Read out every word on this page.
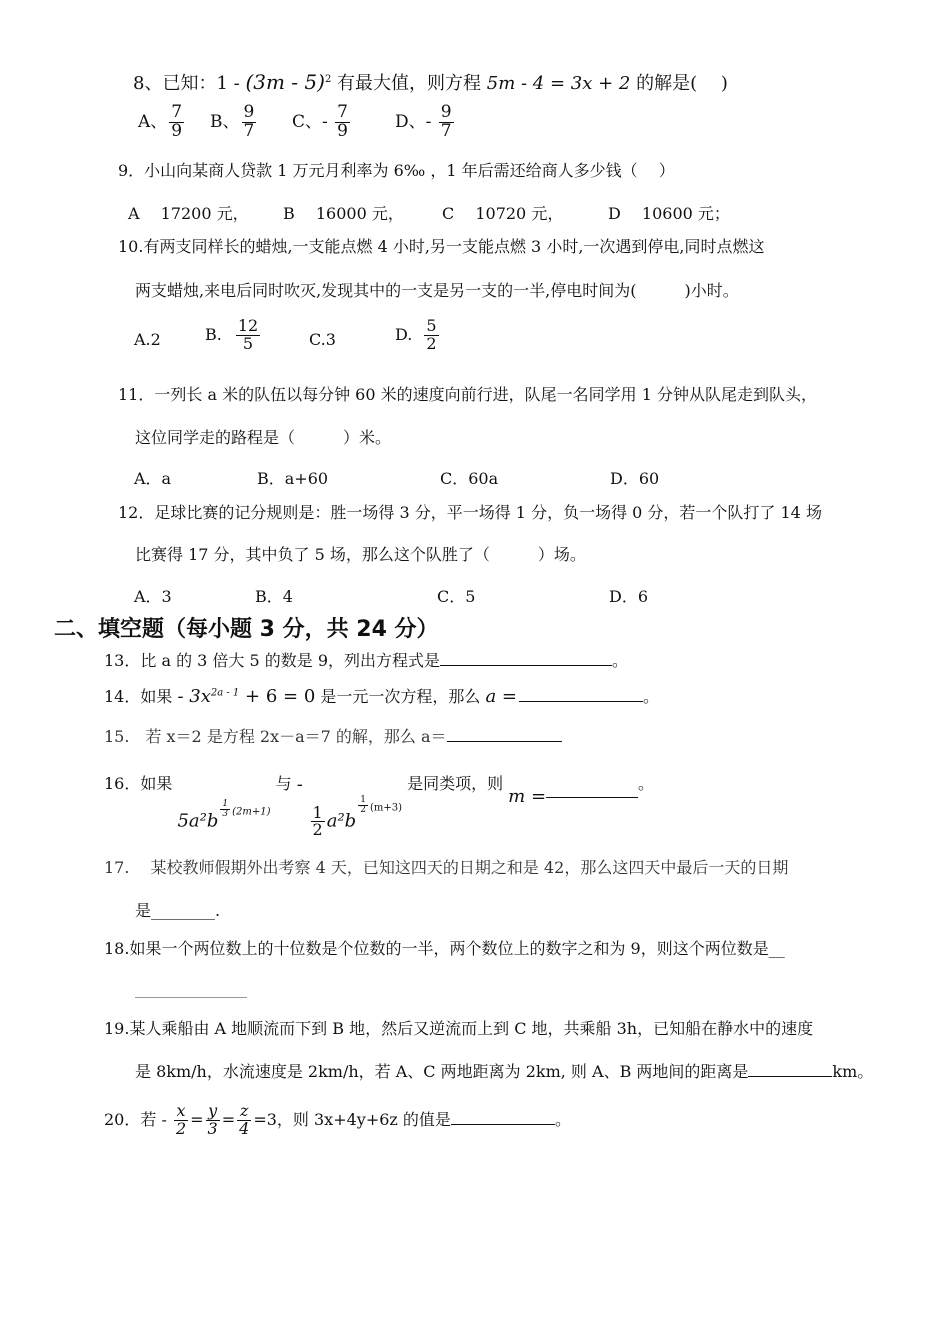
8、已知：1 - (3m - 5)$^2$ 有最大值，则方程 5m - 4 = 3x + 2 的解是(　 )
A、 $\frac{7}{9}$ B、 $\frac{9}{7}$ C、- $\frac{7}{9}$	D、- $\frac{9}{7}$
9．小山向某商人贷款 1 万元月利率为 6‰ ，1 年后需还给商人多少钱（　 ）
A　 17200 元， B　 16000 元， C　 10720 元，	D　 10600 元；
10.有两支同样长的蜡烛,一支能点燃 4 小时,另一支能点燃 3 小时,一次遇到停电,同时点燃这
两支蜡烛,来电后同时吹灭,发现其中的一支是另一支的一半,停电时间为(　　　)小时。
A.2	B. $\frac{12}{5}$	C.3	D. $\frac{5}{2}$
11．一列长 a 米的队伍以每分钟 60 米的速度向前行进，队尾一名同学用 1 分钟从队尾走到队头，
这位同学走的路程是（　　　）米。
A．a	B．a+60	C．60a	D．60
12．足球比赛的记分规则是：胜一场得 3 分，平一场得 1 分，负一场得 0 分，若一个队打了 14 场
比赛得 17 分，其中负了 5 场，那么这个队胜了（　　　）场。
A．3	B．4	C．5	D．6
二、填空题（每小题 3 分，共 24 分）
13．比 a 的 3 倍大 5 的数是 9，列出方程式是	。
14．如果 - $3x^{2a - 1} + 6 = 0$ 是一元一次方程，那么 a =	。
15.　若 x＝2 是方程 2x－a＝7 的解，那么 a＝
16．如果 5a²b
$\frac{1}{3} ^{(2m+1)}$ 与 -
$\frac{1}{2} a^2b$
$\frac{1}{2} ^{(m+3)}$ 是同类项，则 m =。
17.　 某校教师假期外出考察 4 天，已知这四天的日期之和是 42，那么这四天中最后一天的日期
是________.
18.如果一个两位数上的十位数是个位数的一半，两个数位上的数字之和为 9，则这个两位数是__
19.某人乘船由 A 地顺流而下到 B 地，然后又逆流而上到 C 地，共乘船 3h，已知船在静水中的速度
是 8km/h，水流速度是 2km/h，若 A、C 两地距离为 2km, 则 A、B 两地间的距离是	km。
20．若 - $\frac{x}{2} = \frac{y}{3} = \frac{z}{4} =3$，则 3x+4y+6z 的值是	。
